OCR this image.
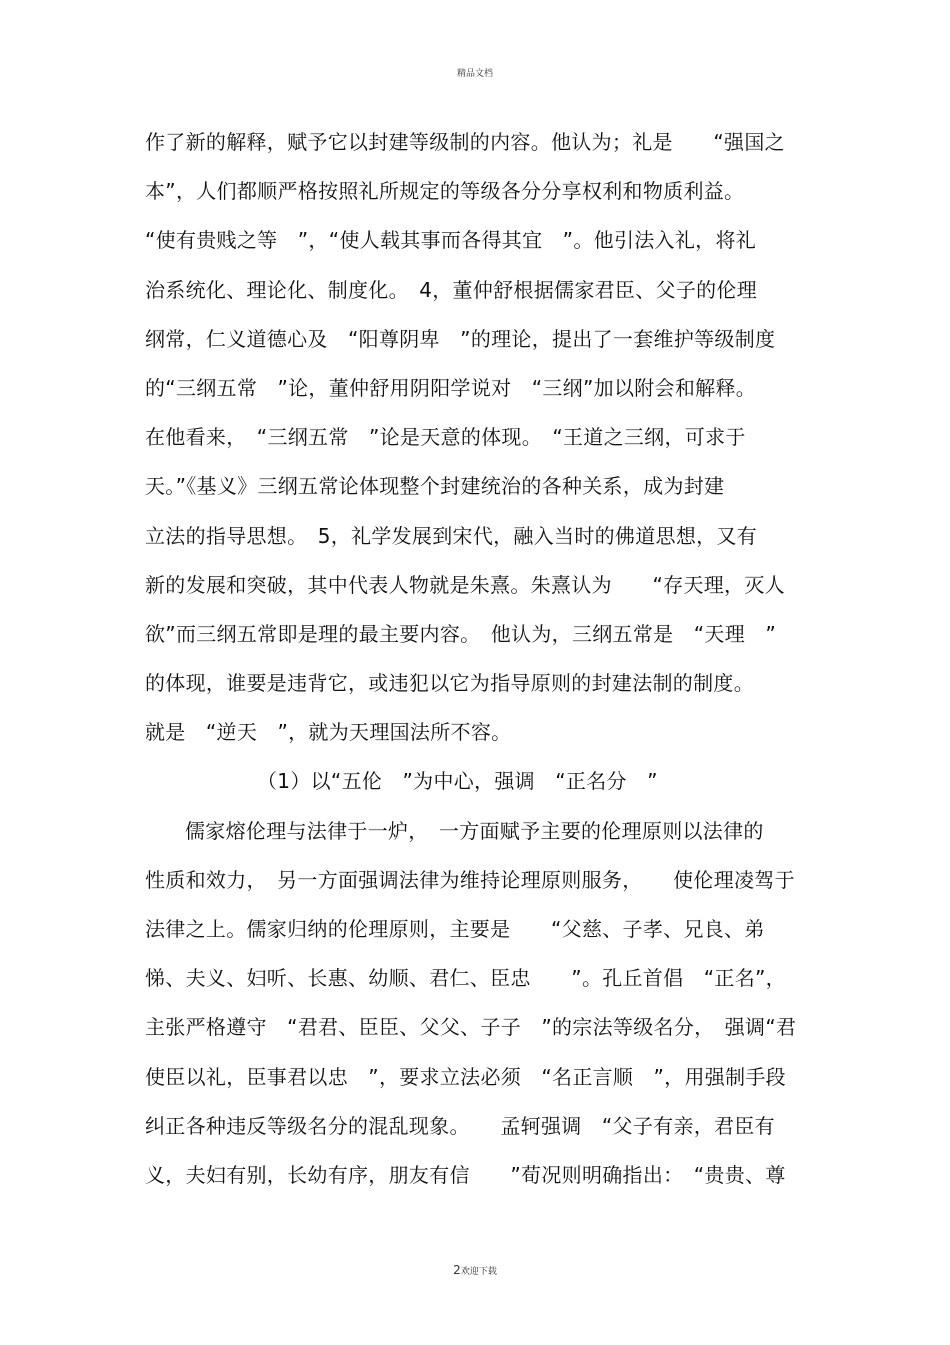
精品文档
作了新的解释，赋予它以封建等级制的内容。他认为；礼是　　“强国之
本”，人们都顺严格按照礼所规定的等级各分分享权利和物质利益。
“使有贵贱之等　”，“使人载其事而各得其宜　”。他引法入礼，将礼
治系统化、理论化、制度化。　4，董仲舒根据儒家君臣、父子的伦理
纲常，仁义道德心及　“阳尊阴卑　”的理论，提出了一套维护等级制度
的“三纲五常　”论，董仲舒用阴阳学说对　“三纲”加以附会和解释。
在他看来，　“三纲五常　”论是天意的体现。　“王道之三纲，可求于
天。”《基义》三纲五常论体现整个封建统治的各种关系，成为封建
立法的指导思想。　5，礼学发展到宋代，融入当时的佛道思想，又有
新的发展和突破，其中代表人物就是朱熹。朱熹认为　　“存天理，灭人
欲”而三纲五常即是理的最主要内容。　他认为，三纲五常是　“天理　”
的体现，谁要是违背它，或违犯以它为指导原则的封建法制的制度。
就是　“逆天　”，就为天理国法所不容。
（1）以“五伦　”为中心，强调　“正名分　”
儒家熔伦理与法律于一炉，　一方面赋予主要的伦理原则以法律的
性质和效力，　另一方面强调法律为维持论理原则服务，　　使伦理凌驾于
法律之上。儒家归纳的伦理原则，主要是　　“父慈、子孝、兄良、弟
悌、夫义、妇听、长惠、幼顺、君仁、臣忠　　”。孔丘首倡　“正名”，
主张严格遵守　“君君、臣臣、父父、子子　”的宗法等级名分，　强调“君
使臣以礼，臣事君以忠　”，要求立法必须　“名正言顺　”，用强制手段
纠正各种违反等级名分的混乱现象。　　孟轲强调　“父子有亲，君臣有
义，夫妇有别，长幼有序，朋友有信　　”荀况则明确指出：　“贵贵、尊
2欢迎下载
